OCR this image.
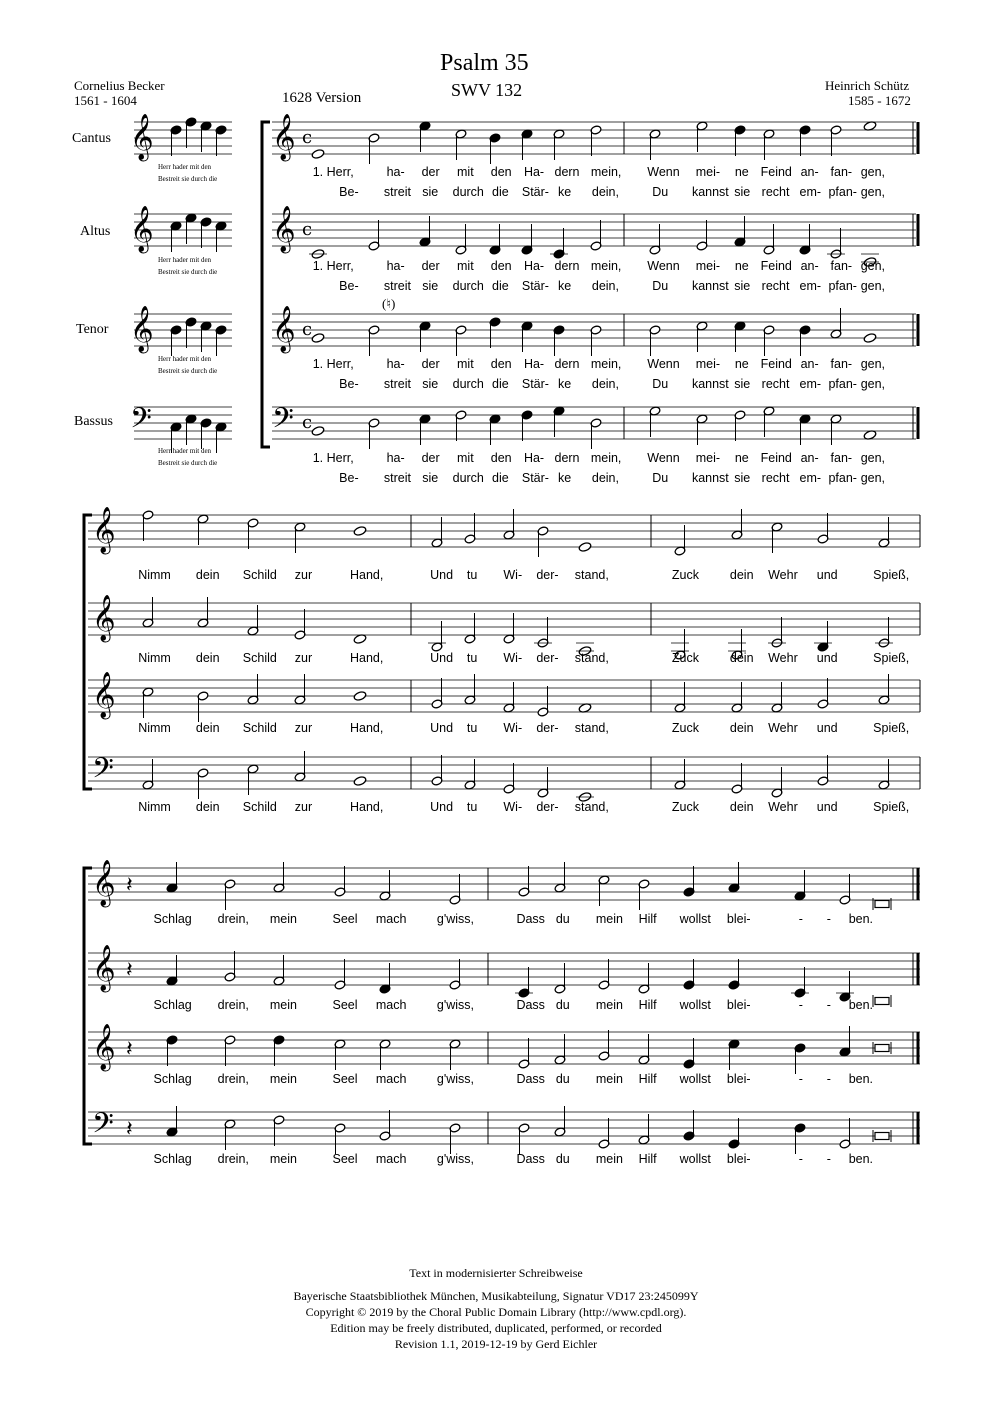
Psalm 35
SWV 132
1628 Version
Cornelius Becker
1561 - 1604
Heinrich Schütz
1585 - 1672
Cantus
Altus
Tenor
Bassus
Herr hader mit den
Bestreit sie durch die
Herr hader mit den
Bestreit sie durch die
Herr hader mit den
Bestreit sie durch die
Herr hader mit den
Bestreit sie durch die
(♮)
𝄞	𝄞 c
𝄞	𝄞 c
𝄞	𝄞 c
𝄢	𝄢 c
𝄞
𝄞
𝄞
𝄢
𝄞 𝄽
𝄞 𝄽
𝄞 𝄽
𝄢 𝄽
1. Herr,	ha- der mit den Ha- dern mein, Wenn mei- ne Feind an- fan- gen,
Be- streit sie durch die Stär- ke dein,	Du kannst sie recht em- pfan- gen,
1. Herr,	ha- der mit den Ha- dern mein, Wenn mei- ne Feind an- fan- gen,
Be- streit sie durch die Stär- ke dein,	Du kannst sie recht em- pfan- gen,
1. Herr,	ha- der mit den Ha- dern mein, Wenn mei- ne Feind an- fan- gen,
Be- streit sie durch die Stär- ke dein,	Du kannst sie recht em- pfan- gen,
1. Herr,	ha- der mit den Ha- dern mein, Wenn mei- ne Feind an- fan- gen,
Be- streit sie durch die Stär- ke dein,	Du kannst sie recht em- pfan- gen,
Nimm dein Schild zur	Hand,	Und tu Wi- der- stand,	Zuck dein Wehr und	Spieß,
Nimm dein Schild zur	Hand,	Und tu Wi- der- stand,	Zuck dein Wehr und	Spieß,
Nimm dein Schild zur	Hand,	Und tu Wi- der- stand,	Zuck dein Wehr und	Spieß,
Nimm dein Schild zur	Hand,	Und tu Wi- der- stand,	Zuck dein Wehr und	Spieß,
Schlag drein, mein	Seel mach g'wiss,	Dass du mein Hilf wollst blei-	- - ben.
Schlag drein, mein	Seel mach g'wiss,	Dass du mein Hilf wollst blei-	- - ben.
Schlag drein, mein	Seel mach g'wiss,	Dass du mein Hilf wollst blei-	- - ben.
Schlag drein, mein	Seel mach g'wiss,	Dass du mein Hilf wollst blei-	- - ben.
Text in modernisierter Schreibweise
Bayerische Staatsbibliothek München, Musikabteilung, Signatur VD17 23:245099Y
Copyright © 2019 by the Choral Public Domain Library (http://www.cpdl.org).
Edition may be freely distributed, duplicated, performed, or recorded
Revision 1.1, 2019-12-19 by Gerd Eichler
